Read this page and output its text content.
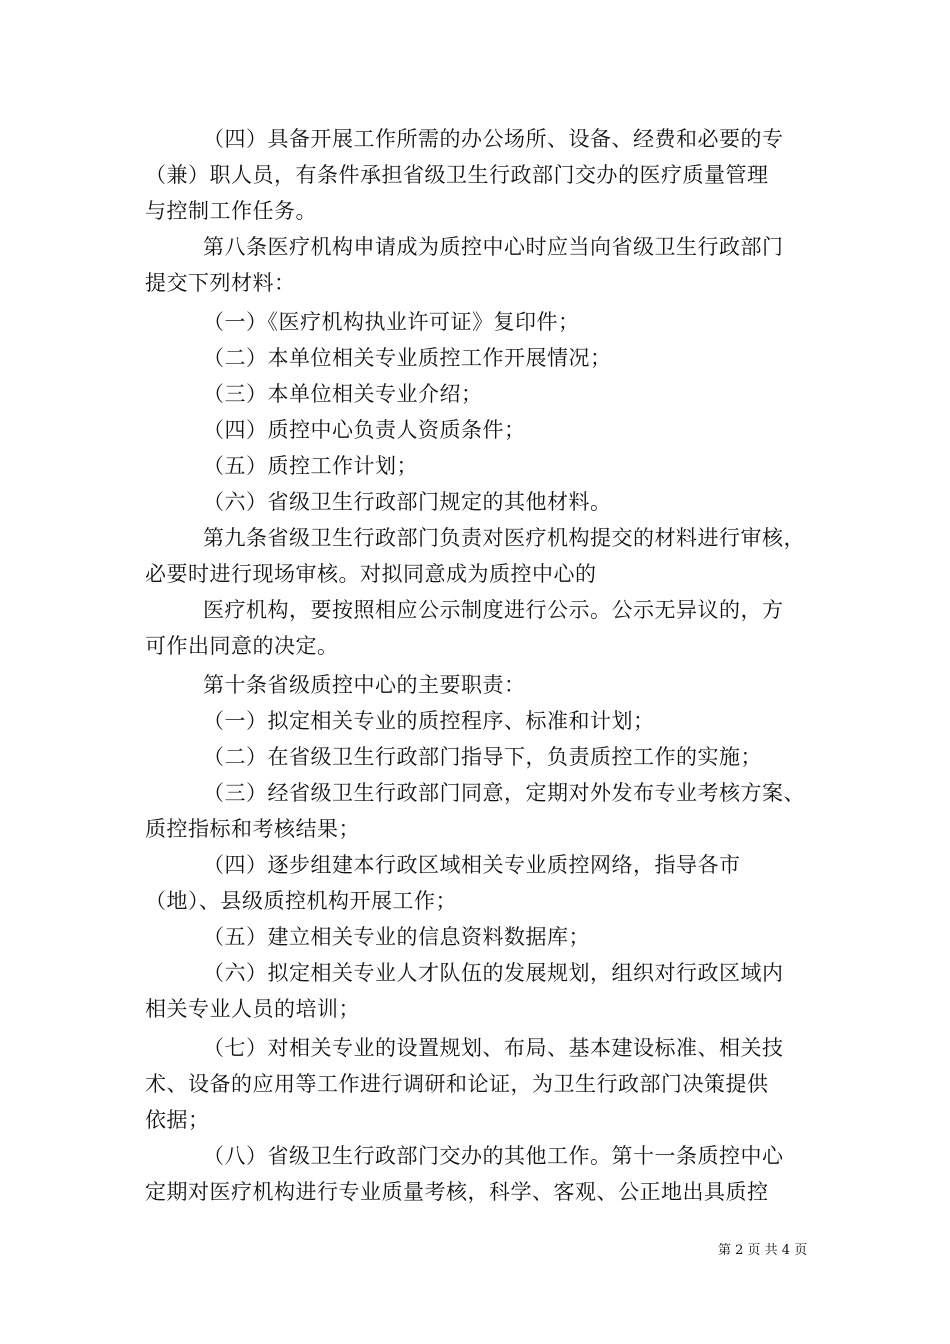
（四）具备开展工作所需的办公场所、设备、经费和必要的专
（兼）职人员，有条件承担省级卫生行政部门交办的医疗质量管理
与控制工作任务。
第八条医疗机构申请成为质控中心时应当向省级卫生行政部门
提交下列材料：
（一）《医疗机构执业许可证》复印件；
（二）本单位相关专业质控工作开展情况；
（三）本单位相关专业介绍；
（四）质控中心负责人资质条件；
（五）质控工作计划；
（六）省级卫生行政部门规定的其他材料。
第九条省级卫生行政部门负责对医疗机构提交的材料进行审核，
必要时进行现场审核。对拟同意成为质控中心的
医疗机构，要按照相应公示制度进行公示。公示无异议的，方
可作出同意的决定。
第十条省级质控中心的主要职责：
（一）拟定相关专业的质控程序、标准和计划；
（二）在省级卫生行政部门指导下，负责质控工作的实施；
（三）经省级卫生行政部门同意，定期对外发布专业考核方案、
质控指标和考核结果；
（四）逐步组建本行政区域相关专业质控网络，指导各市
（地）、县级质控机构开展工作；
（五）建立相关专业的信息资料数据库；
（六）拟定相关专业人才队伍的发展规划，组织对行政区域内
相关专业人员的培训；
（七）对相关专业的设置规划、布局、基本建设标准、相关技
术、设备的应用等工作进行调研和论证，为卫生行政部门决策提供
依据；
（八）省级卫生行政部门交办的其他工作。第十一条质控中心
定期对医疗机构进行专业质量考核，科学、客观、公正地出具质控
第 2 页 共 4 页
